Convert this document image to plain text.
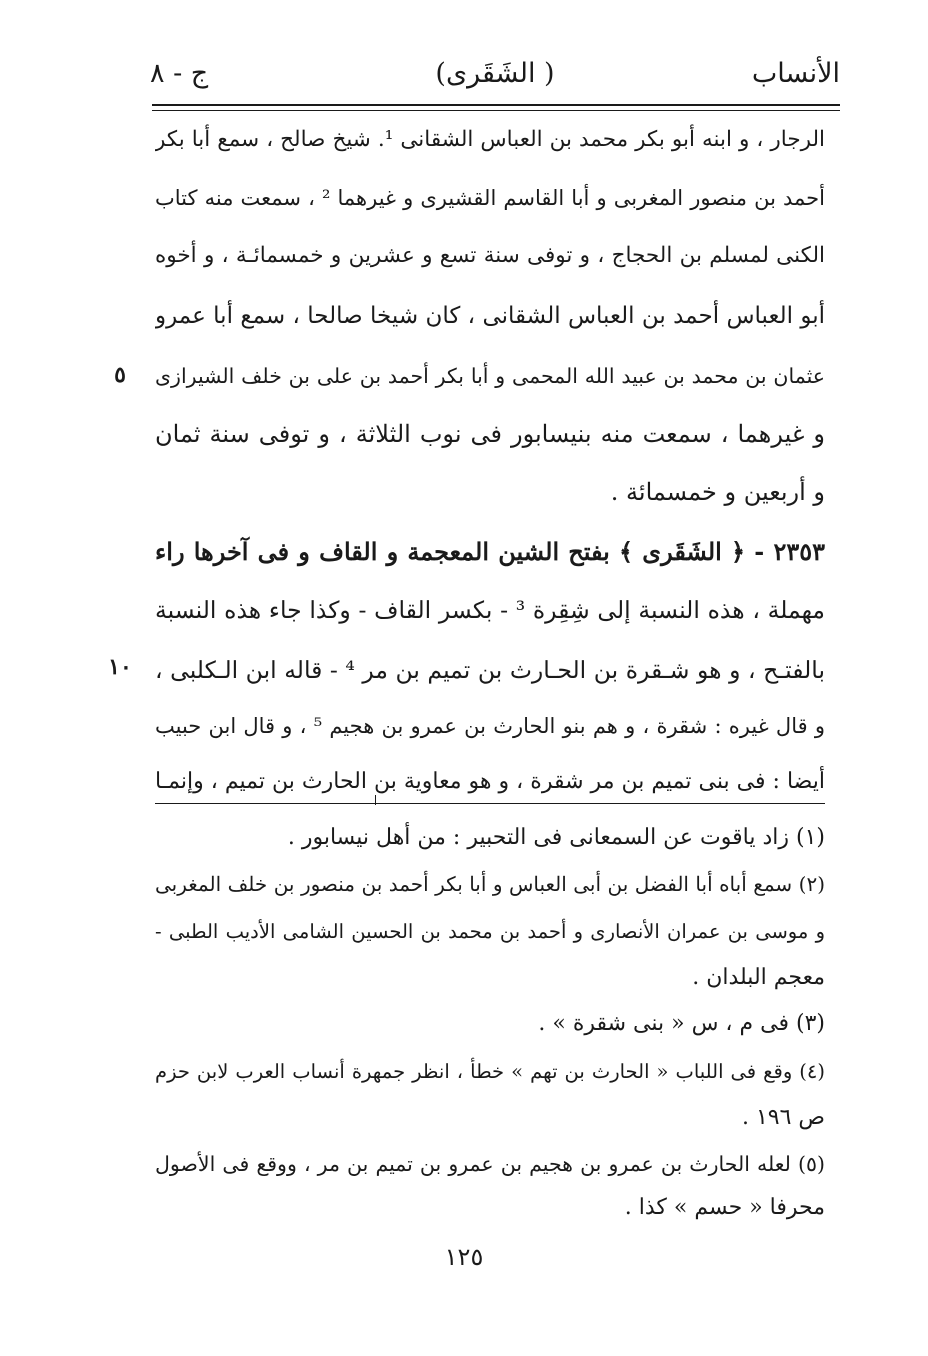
الأنساب
( الشَقَرى)
ج - ٨
الرجار ، و ابنه أبو بكر محمد بن العباس الشقانى ¹. شيخ صالح ، سمع أبا بكر
أحمد بن منصور المغربى و أبا القاسم القشيرى و غيرهما ² ، سمعت منه كتاب
الكنى لمسلم بن الحجاج ، و توفى سنة تسع و عشرين و خمسمائـة ، و أخوه
أبو العباس أحمد بن العباس الشقانى ، كان شيخا صالحا ، سمع أبا عمرو
عثمان بن محمد بن عبيد الله المحمى و أبا بكر أحمد بن على بن خلف الشيرازى
و غيرهما ، سمعت منه بنيسابور فى نوب الثلاثة ، و توفى سنة ثمان
و أربعين و خمسمائة .
٢٣٥٣ - ﴿ الشَقَرى ﴾ بفتح الشين المعجمة و القاف و فى آخرها راء
مهملة ، هذه النسبة إلى شِقِرة ³ - بكسر القاف - وكذا جاء هذه النسبة
بالفتـح ، و هو شـقرة بن الحـارث بن تميم بن مر ⁴ - قاله ابن الـكلبى ،
و قال غيره : شقرة ، و هم بنو الحارث بن عمرو بن هجيم ⁵ ، و قال ابن حبيب
أيضا : فى بنى تميم بن مر شقرة ، و هو معاوية بن الحارث بن تميم ، وإنمـا
٥
١٠
(١) زاد ياقوت عن السمعانى فى التحبير : من أهل نيسابور .
(٢) سمع أباه أبا الفضل بن أبى العباس و أبا بكر أحمد بن منصور بن خلف المغربى
و موسى بن عمران الأنصارى و أحمد بن محمد بن الحسين الشامى الأديب الطبى -
معجم البلدان .
(٣) فى م ، س « بنى شقرة » .
(٤) وقع فى اللباب « الحارث بن تهم » خطأ ، انظر جمهرة أنساب العرب لابن حزم
ص ١٩٦ .
(٥) لعله الحارث بن عمرو بن هجيم بن عمرو بن تميم بن مر ، ووقع فى الأصول
محرفا « حسم » كذا .
١٢٥
